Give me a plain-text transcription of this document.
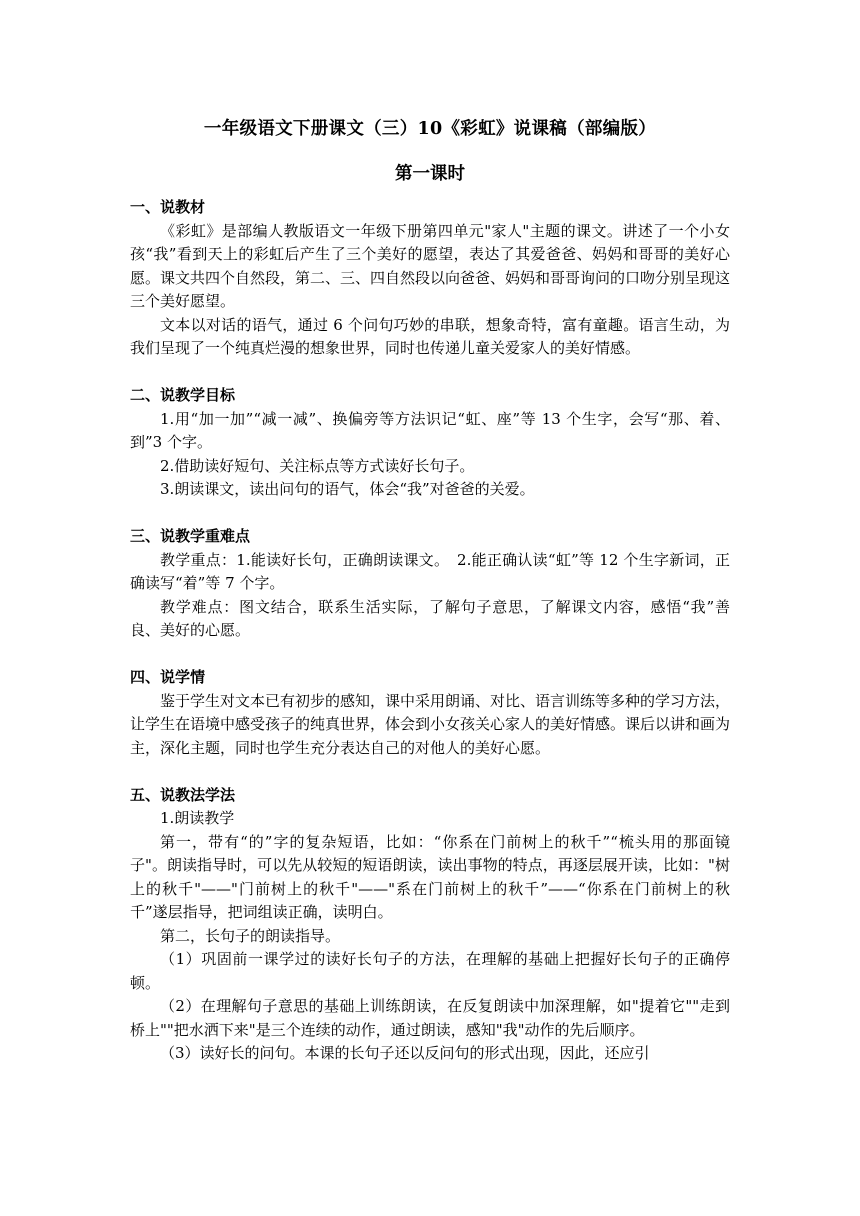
一年级语文下册课文（三）10《彩虹》说课稿（部编版）
第一课时

一、说教材

《彩虹》是部编人教版语文一年级下册第四单元"家人"主题的课文。讲述了一个小女孩“我”看到天上的彩虹后产生了三个美好的愿望，表达了其爱爸爸、妈妈和哥哥的美好心愿。课文共四个自然段，第二、三、四自然段以向爸爸、妈妈和哥哥询问的口吻分别呈现这三个美好愿望。

文本以对话的语气，通过 6 个问句巧妙的串联，想象奇特，富有童趣。语言生动，为我们呈现了一个纯真烂漫的想象世界，同时也传递儿童关爱家人的美好情感。

二、说教学目标

1.用“加一加”“减一减”、换偏旁等方法识记“虹、座”等 13 个生字，会写“那、着、到”3 个字。

2.借助读好短句、关注标点等方式读好长句子。

3.朗读课文，读出问句的语气，体会“我”对爸爸的关爱。

三、说教学重难点

教学重点：1.能读好长句，正确朗读课文。　2.能正确认读“虹”等 12 个生字新词，正确读写“着”等 7 个字。

教学难点：图文结合，联系生活实际，了解句子意思，了解课文内容，感悟“我”善良、美好的心愿。

四、说学情

鉴于学生对文本已有初步的感知，课中采用朗诵、对比、语言训练等多种的学习方法，让学生在语境中感受孩子的纯真世界，体会到小女孩关心家人的美好情感。课后以讲和画为主，深化主题，同时也学生充分表达自己的对他人的美好心愿。

五、说教法学法

1.朗读教学

第一，带有“的”字的复杂短语，比如：“你系在门前树上的秋千”“梳头用的那面镜子"。朗读指导时，可以先从较短的短语朗读，读出事物的特点，再逐层展开读，比如："树上的秋千"——"门前树上的秋千"——"系在门前树上的秋千”——“你系在门前树上的秋千”遂层指导，把词组读正确，读明白。

第二，长句子的朗读指导。

（1）巩固前一课学过的读好长句子的方法，在理解的基础上把握好长句子的正确停顿。

（2）在理解句子意思的基础上训练朗读，在反复朗读中加深理解，如"提着它""走到桥上""把水洒下来"是三个连续的动作，通过朗读，感知"我"动作的先后顺序。

（3）读好长的问句。本课的长句子还以反问句的形式出现，因此，还应引
